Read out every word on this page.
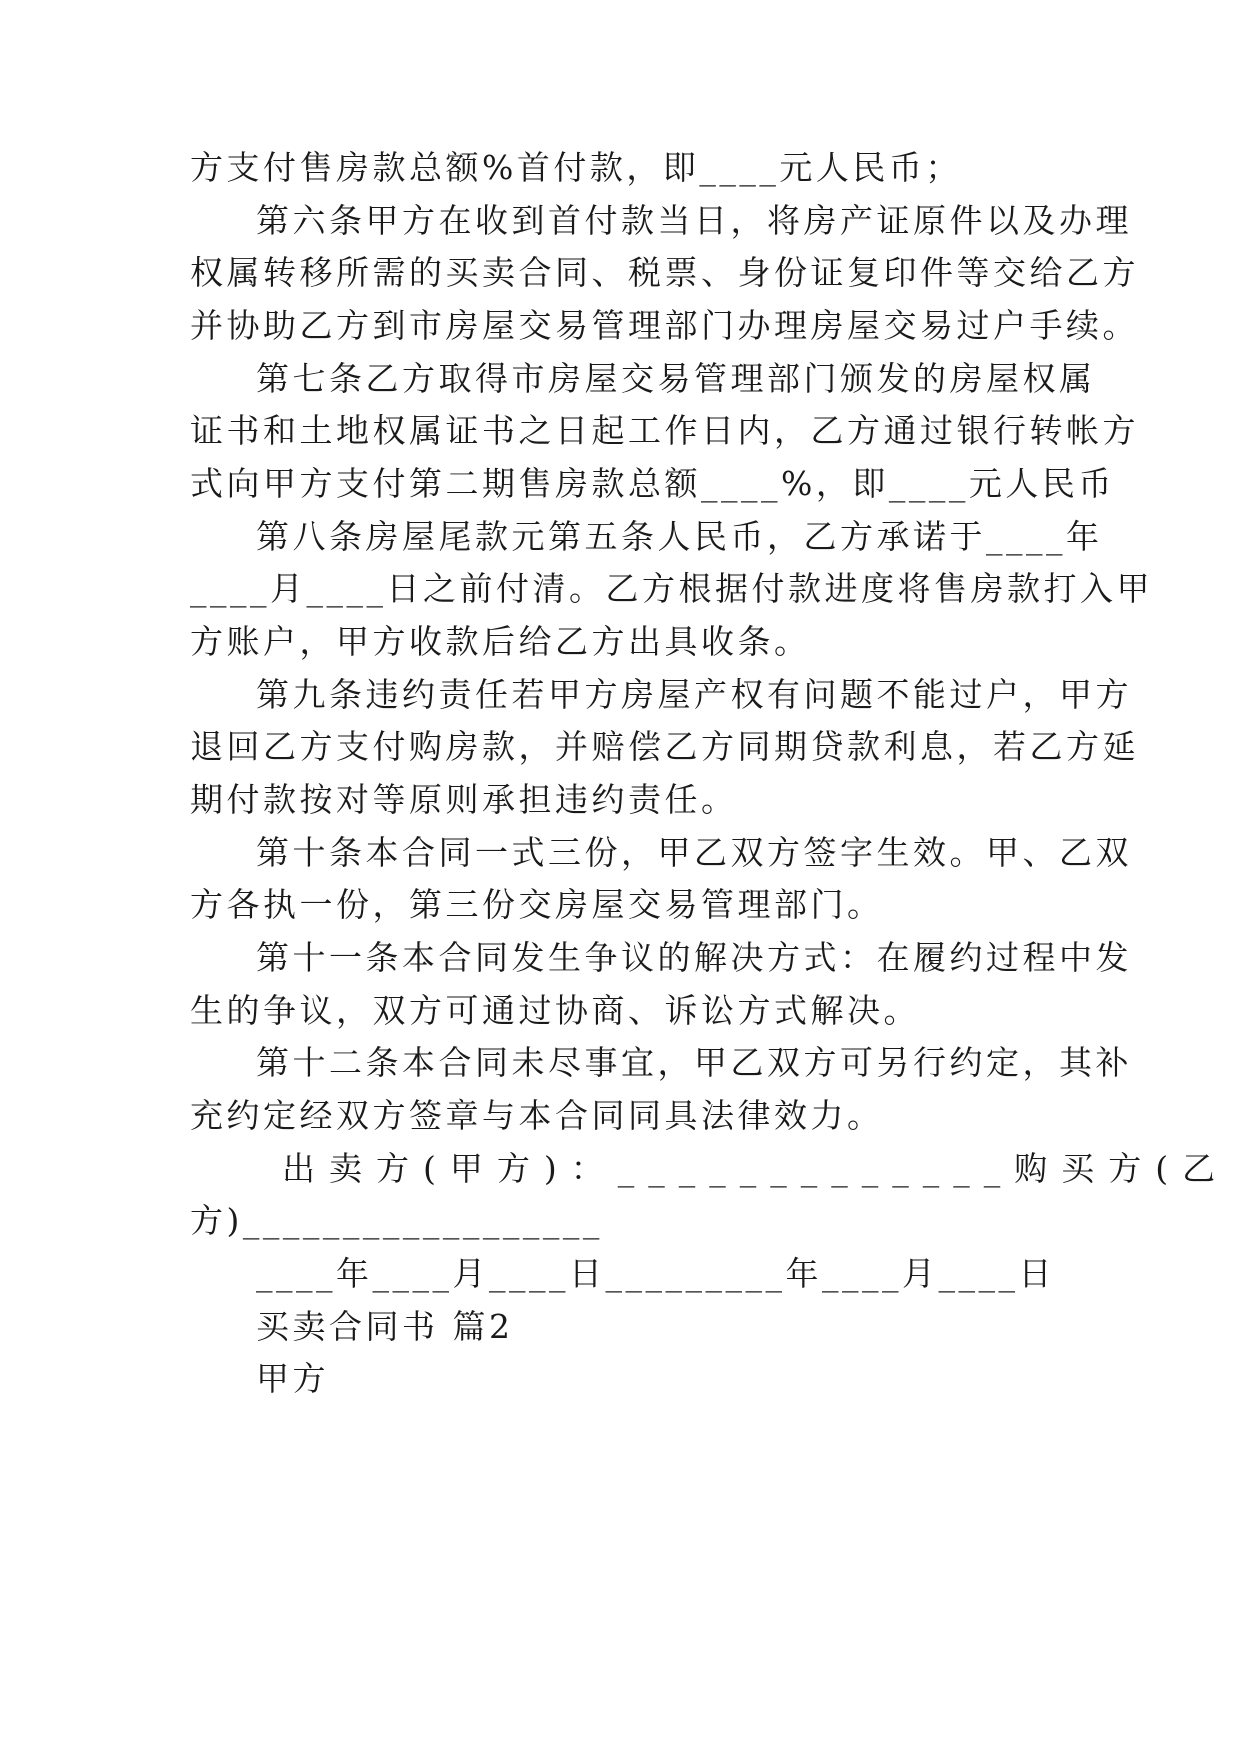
方支付售房款总额%首付款，即____元人民币；
第六条甲方在收到首付款当日，将房产证原件以及办理
权属转移所需的买卖合同、税票、身份证复印件等交给乙方
并协助乙方到市房屋交易管理部门办理房屋交易过户手续。
第七条乙方取得市房屋交易管理部门颁发的房屋权属
证书和土地权属证书之日起工作日内，乙方通过银行转帐方
式向甲方支付第二期售房款总额____%，即____元人民币
第八条房屋尾款元第五条人民币，乙方承诺于____年
____月____日之前付清。乙方根据付款进度将售房款打入甲
方账户，甲方收款后给乙方出具收条。
第九条违约责任若甲方房屋产权有问题不能过户，甲方
退回乙方支付购房款，并赔偿乙方同期贷款利息，若乙方延
期付款按对等原则承担违约责任。
第十条本合同一式三份，甲乙双方签字生效。甲、乙双
方各执一份，第三份交房屋交易管理部门。
第十一条本合同发生争议的解决方式：在履约过程中发
生的争议，双方可通过协商、诉讼方式解决。
第十二条本合同未尽事宜，甲乙双方可另行约定，其补
充约定经双方签章与本合同同具法律效力。
出卖方(甲方)：_____________购买方(乙
方)__________________
____年____月____日_________年____月____日
买卖合同书 篇2
甲方
